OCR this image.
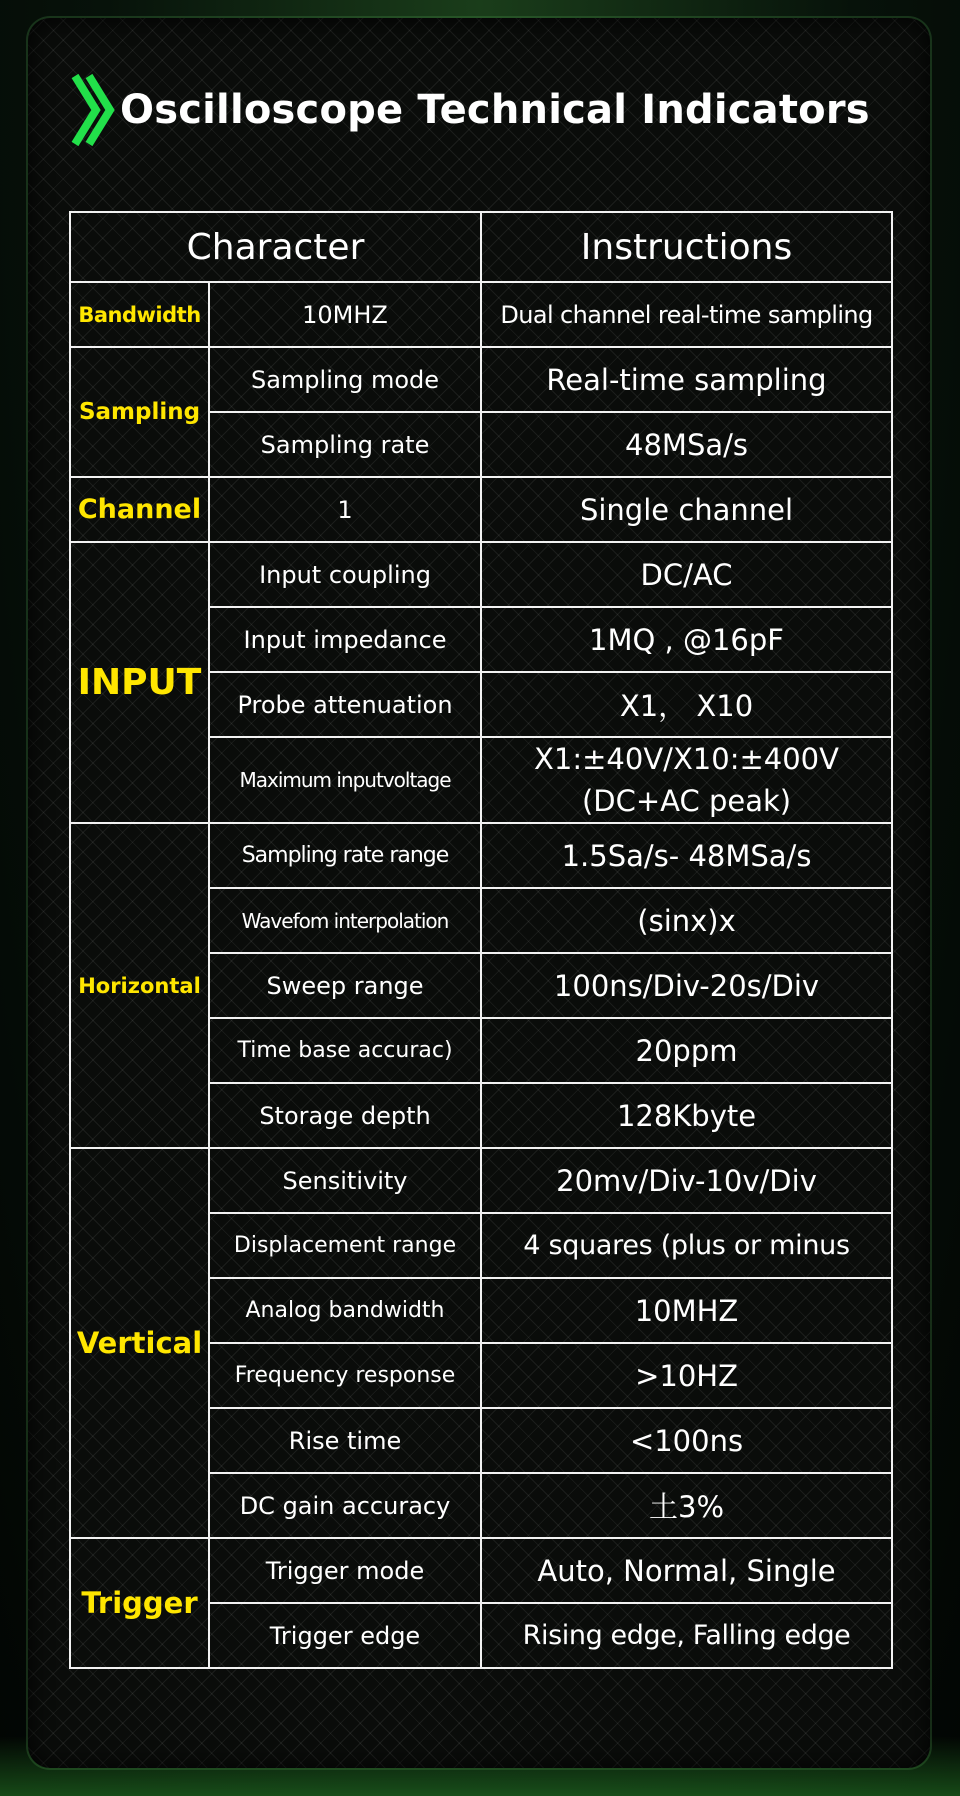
Oscilloscope Technical Indicators
Character		Instructions
Bandwidth	10MHZ	Dual channel real-time sampling
Sampling	Sampling mode	Real-time sampling
	Sampling rate	48MSa/s
Channel	1	Single channel
INPUT	Input coupling	DC/AC
	Input impedance	1MQ , @16pF
	Probe attenuation	X1， X10
	Maximum inputvoltage	X1:±40V/X10:±400V
(DC+AC peak)

Horizontal	Sampling rate range	1.5Sa/s- 48MSa/s
	Wavefom interpolation	(sinx)x
	Sweep range	100ns/Div-20s/Div
	Time base accurac)	20ppm
	Storage depth	128Kbyte
Vertical	Sensitivity	20mv/Div-10v/Div
	Displacement range	4 squares (plus or minus
	Analog bandwidth	10MHZ
	Frequency response	>10HZ
	Rise time	<100ns
	DC gain accuracy	土3%
Trigger	Trigger mode	Auto, Normal, Single
	Trigger edge	Rising edge, Falling edge
